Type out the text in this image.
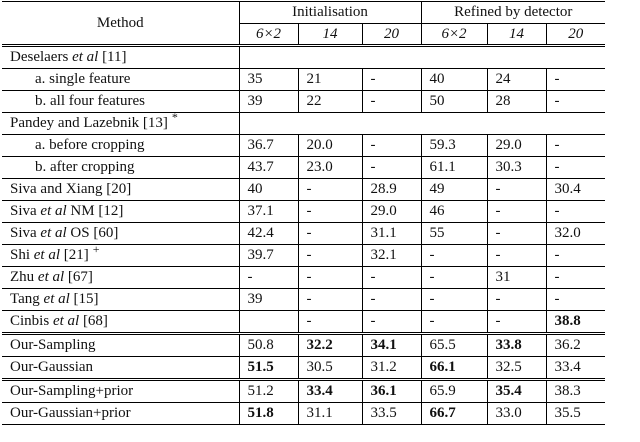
Method	Initialisation			Refined by detector		
	6×2	14	20	6×2	14	20
Deselaers et al [11]						
a. single feature	35	21	-	40	24	-
b. all four features	39	22	-	50	28	-
Pandey and Lazebnik [13] *	
a. before cropping	36.7	20.0	-	59.3	29.0	-
b. after cropping	43.7	23.0	-	61.1	30.3	-
Siva and Xiang [20]	40	-	28.9	49	-	30.4
Siva et al NM [12]	37.1	-	29.0	46	-	-
Siva et al OS [60]	42.4	-	31.1	55	-	32.0
Shi et al [21] +	39.7	-	32.1	-	-	-
Zhu et al [67]	-	-	-	-	31	-
Tang et al [15]	39	-	-	-	-	-
Cinbis et al [68]		-	-	-	-	38.8
Our-Sampling	50.8	32.2	34.1	65.5	33.8	36.2
Our-Gaussian	51.5	30.5	31.2	66.1	32.5	33.4
Our-Sampling+prior	51.2	33.4	36.1	65.9	35.4	38.3
Our-Gaussian+prior	51.8	31.1	33.5	66.7	33.0	35.5
